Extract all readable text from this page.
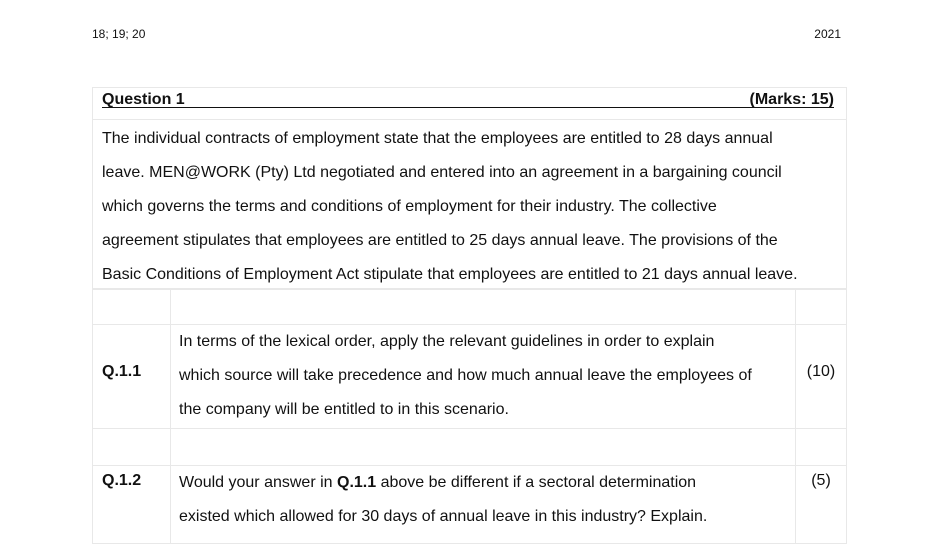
18; 19; 20	2021
Question 1	(Marks: 15)
The individual contracts of employment state that the employees are entitled to 28 days annual
leave. MEN@WORK (Pty) Ltd negotiated and entered into an agreement in a bargaining council
which governs the terms and conditions of employment for their industry. The collective
agreement stipulates that employees are entitled to 25 days annual leave. The provisions of the
Basic Conditions of Employment Act stipulate that employees are entitled to 21 days annual leave.

Q.1.1	In terms of the lexical order, apply the relevant guidelines in order to explain
which source will take precedence and how much annual leave the employees of
the company will be entitled to in this scenario.	(10)

Q.1.2	Would your answer in Q.1.1 above be different if a sectoral determination
existed which allowed for 30 days of annual leave in this industry? Explain.	(5)
